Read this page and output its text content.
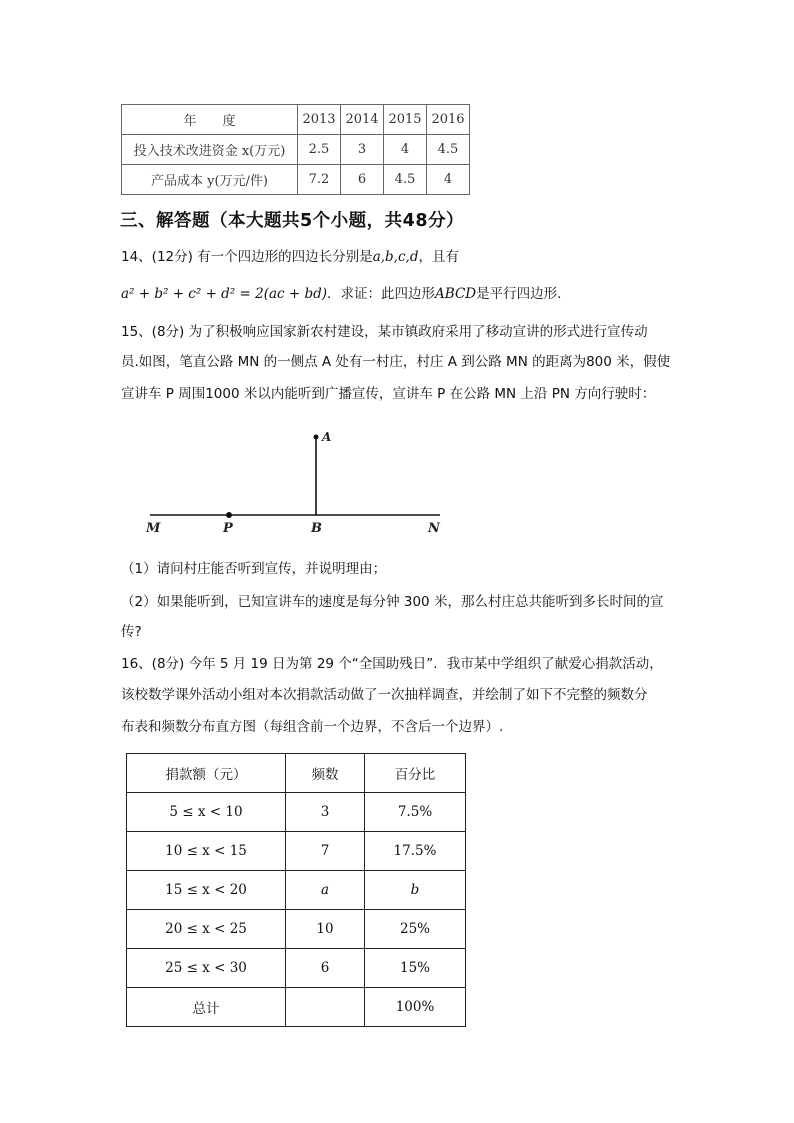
年　　度	2013	2014	2015	2016
投入技术改进资金 x(万元)	2.5	3	4	4.5
产品成本 y(万元/件)	7.2	6	4.5	4
三、解答题（本大题共5个小题，共48分）
14、(12分) 有一个四边形的四边长分别是a,b,c,d，且有
a² + b² + c² + d² = 2(ac + bd)．求证：此四边形ABCD是平行四边形．
15、(8分) 为了积极响应国家新农村建设，某市镇政府采用了移动宣讲的形式进行宣传动
员.如图，笔直公路 MN 的一侧点 A 处有一村庄，村庄 A 到公路 MN 的距离为800 米，假使
宣讲车 P 周围1000 米以内能听到广播宣传，宣讲车 P 在公路 MN 上沿 PN 方向行驶时：
A
M	P	B	N
（1）请问村庄能否听到宣传，并说明理由；
（2）如果能听到，已知宣讲车的速度是每分钟 300 米，那么村庄总共能听到多长时间的宣
传?
16、(8分) 今年 5 月 19 日为第 29 个“全国助残日”．我市某中学组织了献爱心捐款活动，
该校数学课外活动小组对本次捐款活动做了一次抽样调查，并绘制了如下不完整的频数分
布表和频数分布直方图（每组含前一个边界，不含后一个边界）.
捐款额（元）	频数	百分比
5 ≤ x < 10	3	7.5%
10 ≤ x < 15	7	17.5%
15 ≤ x < 20	a	b
20 ≤ x < 25	10	25%
25 ≤ x < 30	6	15%
总计		100%
